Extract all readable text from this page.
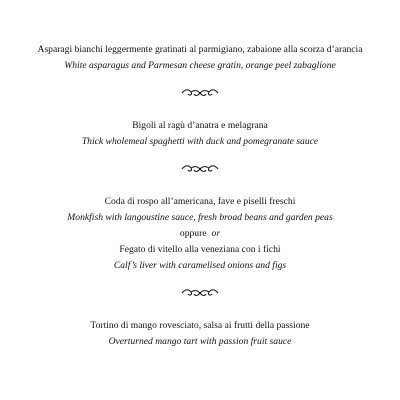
Asparagi bianchi leggermente gratinati al parmigiano, zabaione alla scorza d’arancia
White asparagus and Parmesan cheese gratin, orange peel zabaglione
Bigoli al ragù d’anatra e melagrana
Thick wholemeal spaghetti with duck and pomegranate sauce
Coda di rospo all’americana, fave e piselli freschi
Monkfish with langoustine sauce, fresh broad beans and garden peas
oppure or
Fegato di vitello alla veneziana con i fichi
Calf’s liver with caramelised onions and figs
Tortino di mango rovesciato, salsa ai frutti della passione
Overturned mango tart with passion fruit sauce
